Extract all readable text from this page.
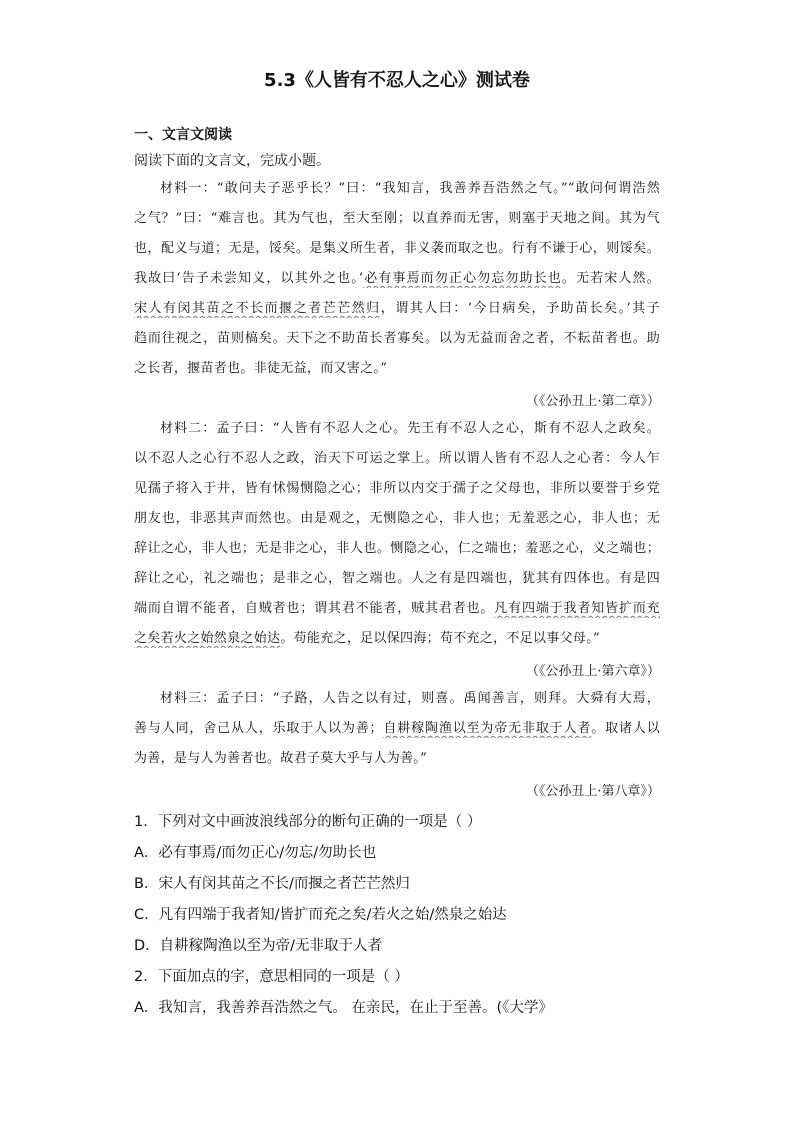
5.3《人皆有不忍人之心》测试卷
一、文言文阅读
阅读下面的文言文，完成小题。
材料一：“敢问夫子恶乎长？”曰：“我知言，我善养吾浩然之气。”“敢问何谓浩然
之气？”曰：“难言也。其为气也，至大至刚；以直养而无害，则塞于天地之间。其为气
也，配义与道；无是，馁矣。是集义所生者，非义袭而取之也。行有不谦于心，则馁矣。
我故曰‘告子未尝知义，以其外之也。’必有事焉而勿正心勿忘勿助长也。无若宋人然。
宋人有闵其苗之不长而揠之者芒芒然归，谓其人曰：‘今日病矣，予助苗长矣。’其子
趋而往视之，苗则槁矣。天下之不助苗长者寡矣。以为无益而舍之者，不耘苗者也。助
之长者，揠苗者也。非徒无益，而又害之。”
（《公孙丑上·第二章》）
材料二：孟子曰：“人皆有不忍人之心。先王有不忍人之心，斯有不忍人之政矣。
以不忍人之心行不忍人之政，治天下可运之掌上。所以谓人皆有不忍人之心者：今人乍
见孺子将入于井，皆有怵惕恻隐之心；非所以内交于孺子之父母也，非所以要誉于乡党
朋友也，非恶其声而然也。由是观之，无恻隐之心，非人也；无羞恶之心，非人也；无
辞让之心，非人也；无是非之心，非人也。恻隐之心，仁之端也；羞恶之心，义之端也；
辞让之心，礼之端也；是非之心，智之端也。人之有是四端也，犹其有四体也。有是四
端而自谓不能者，自贼者也；谓其君不能者，贼其君者也。凡有四端于我者知皆扩而充
之矣若火之始然泉之始达。苟能充之，足以保四海；苟不充之，不足以事父母。”
（《公孙丑上·第六章》）
材料三：孟子曰：“子路，人告之以有过，则喜。禹闻善言，则拜。大舜有大焉，
善与人同，舍己从人，乐取于人以为善；自耕稼陶渔以至为帝无非取于人者。取诸人以
为善，是与人为善者也。故君子莫大乎与人为善。”
（《公孙丑上·第八章》）
1．下列对文中画波浪线部分的断句正确的一项是（ ）
A．必有事焉/而勿正心/勿忘/勿助长也
B．宋人有闵其苗之不长/而揠之者芒芒然归
C．凡有四端于我者知/皆扩而充之矣/若火之始/然泉之始达
D．自耕稼陶渔以至为帝/无非取于人者
2．下面加点的字，意思相同的一项是（ ）
A．我知言，我善养吾浩然之气。 在亲民，在止于至善。(《大学》
